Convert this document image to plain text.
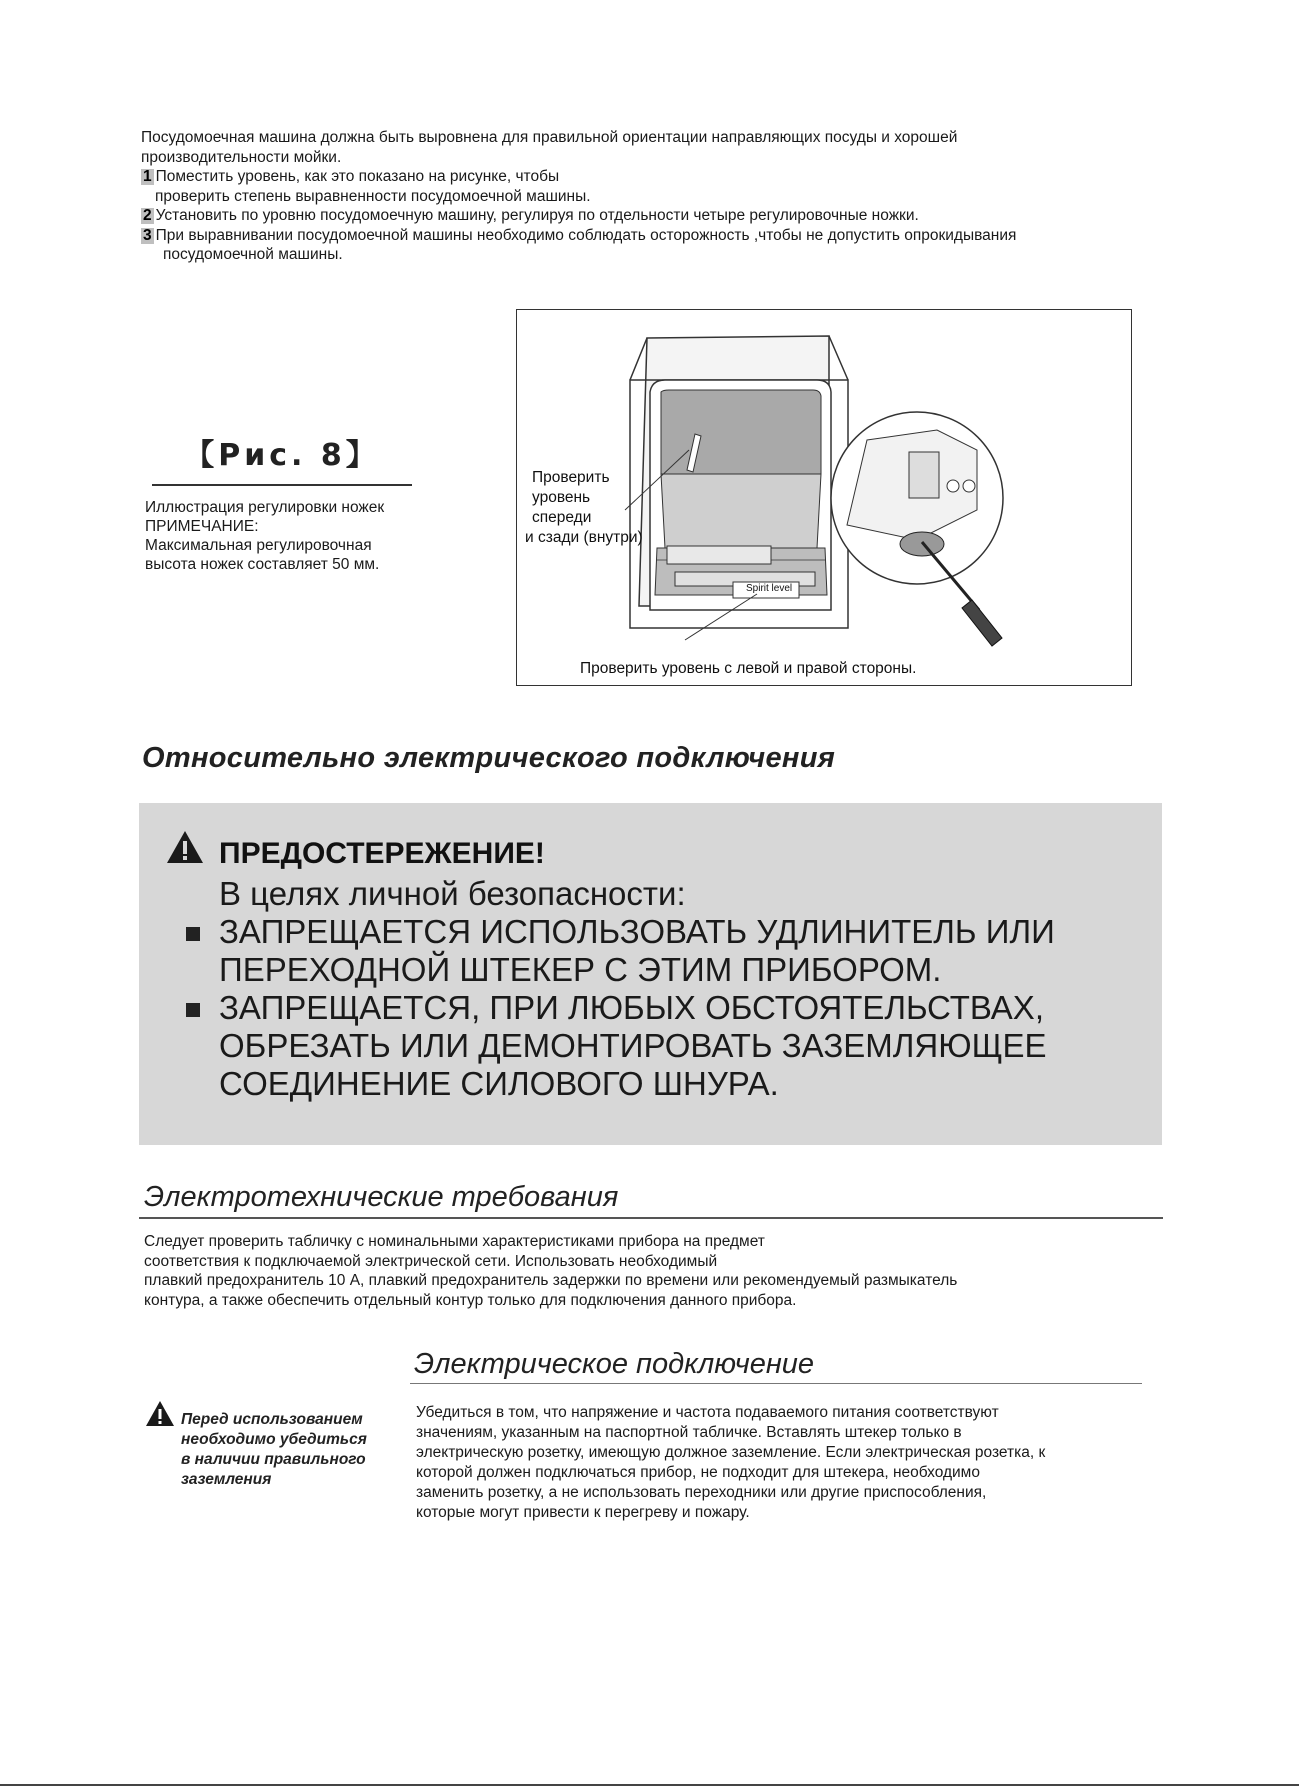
Посудомоечная машина должна быть выровнена для правильной ориентации направляющих посуды и хорошей
производительности мойки.
1 Поместить уровень, как это показано на рисунке, чтобы
проверить степень выравненности посудомоечной машины.
2 Установить по уровню посудомоечную машину, регулируя по отдельности четыре регулировочные ножки.
3 При выравнивании посудомоечной машины необходимо соблюдать осторожность ,чтобы не допустить опрокидывания
посудомоечной машины.
【Рис. 8】
Иллюстрация регулировки ножек
ПРИМЕЧАНИЕ:
Максимальная регулировочная
высота ножек составляет 50 мм.
Проверить
уровень
спереди
и сзади (внутри)
Spirit level
Проверить уровень с левой и правой стороны.
Относительно электрического подключения
ПРЕДОСТЕРЕЖЕНИЕ!
В целях личной безопасности:
ЗАПРЕЩАЕТСЯ ИСПОЛЬЗОВАТЬ УДЛИНИТЕЛЬ ИЛИ
ПЕРЕХОДНОЙ ШТЕКЕР С ЭТИМ ПРИБОРОМ.
ЗАПРЕЩАЕТСЯ, ПРИ ЛЮБЫХ ОБСТОЯТЕЛЬСТВАХ,
ОБРЕЗАТЬ ИЛИ ДЕМОНТИРОВАТЬ ЗАЗЕМЛЯЮЩЕЕ
СОЕДИНЕНИЕ СИЛОВОГО ШНУРА.
Электротехнические требования
Следует проверить табличку с номинальными характеристиками прибора на предмет
соответствия к подключаемой электрической сети. Использовать необходимый
плавкий предохранитель 10 А, плавкий предохранитель задержки по времени или рекомендуемый размыкатель
контура, а также обеспечить отдельный контур только для подключения данного прибора.
Электрическое подключение
Перед использованием
необходимо убедиться
в наличии правильного
заземления
Убедиться в том, что напряжение и частота подаваемого питания соответствуют
значениям, указанным на паспортной табличке. Вставлять штекер только в
электрическую розетку, имеющую должное заземление. Если электрическая розетка, к
которой должен подключаться прибор, не подходит для штекера, необходимо
заменить розетку, а не использовать переходники или другие приспособления,
которые могут привести к перегреву и пожару.
